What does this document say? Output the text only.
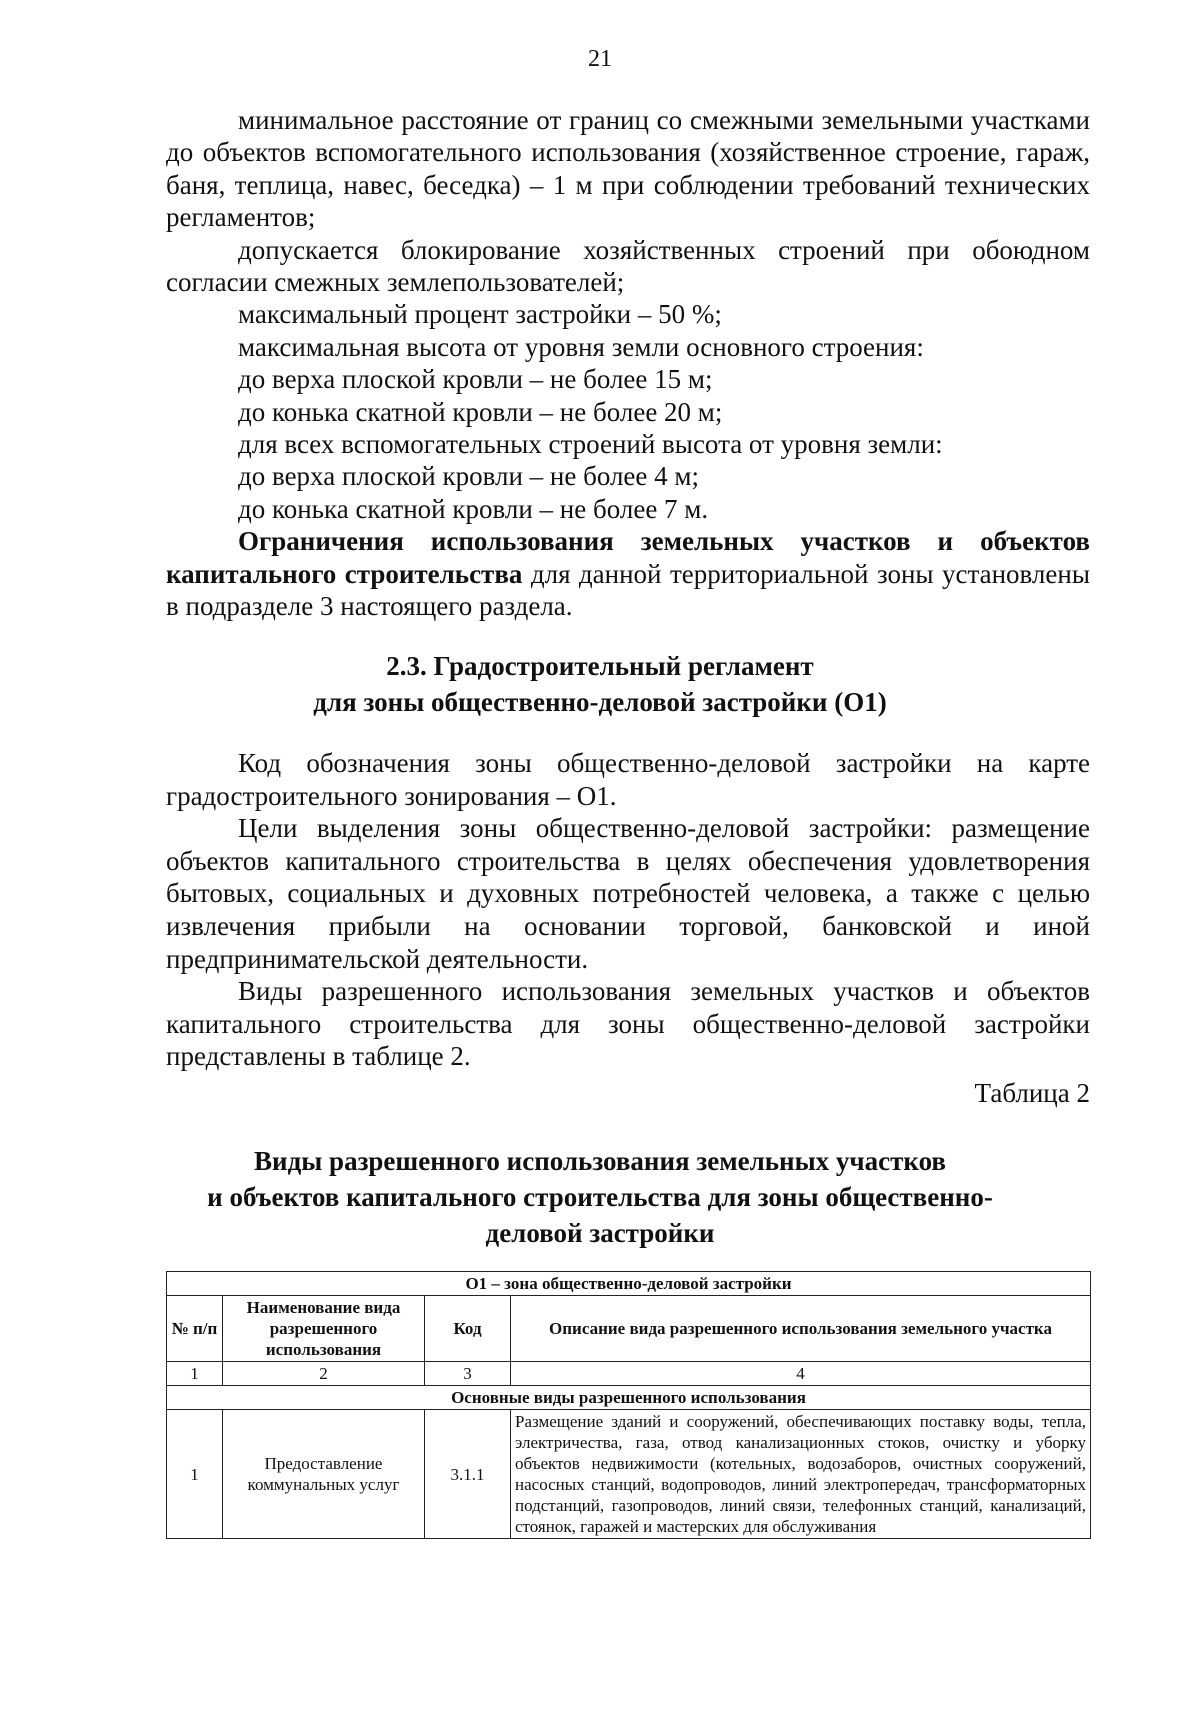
21

минимальное расстояние от границ со смежными земельными участками до объектов вспомогательного использования (хозяйственное строение, гараж, баня, теплица, навес, беседка) – 1 м при соблюдении требований технических регламентов;

допускается блокирование хозяйственных строений при обоюдном согласии смежных землепользователей;

максимальный процент застройки – 50 %;

максимальная высота от уровня земли основного строения:

до верха плоской кровли – не более 15 м;

до конька скатной кровли – не более 20 м;

для всех вспомогательных строений высота от уровня земли:

до верха плоской кровли – не более 4 м;

до конька скатной кровли – не более 7 м.

Ограничения использования земельных участков и объектов капитального строительства для данной территориальной зоны установлены в подразделе 3 настоящего раздела.

2.3. Градостроительный регламент
для зоны общественно-деловой застройки (О1)

Код обозначения зоны общественно-деловой застройки на карте градостроительного зонирования – О1.

Цели выделения зоны общественно-деловой застройки: размещение объектов капитального строительства в целях обеспечения удовлетворения бытовых, социальных и духовных потребностей человека, а также с целью извлечения прибыли на основании торговой, банковской и иной предпринимательской деятельности.

Виды разрешенного использования земельных участков и объектов капитального строительства для зоны общественно-деловой застройки представлены в таблице 2.

Таблица 2
Виды разрешенного использования земельных участков
и объектов капитального строительства для зоны общественно-
деловой застройки
О1 – зона общественно-деловой застройки			
№ п/п	Наименование вида разрешенного использования	Код	Описание вида разрешенного использования земельного участка
1	2	3	4
Основные виды разрешенного использования			
1	Предоставление коммунальных услуг	3.1.1	Размещение зданий и сооружений, обеспечивающих поставку воды, тепла, электричества, газа, отвод канализационных стоков, очистку и уборку объектов недвижимости (котельных, водозаборов, очистных сооружений, насосных станций, водопроводов, линий электропередач, трансформаторных подстанций, газопроводов, линий связи, телефонных станций, канализаций, стоянок, гаражей и мастерских для обслуживания
